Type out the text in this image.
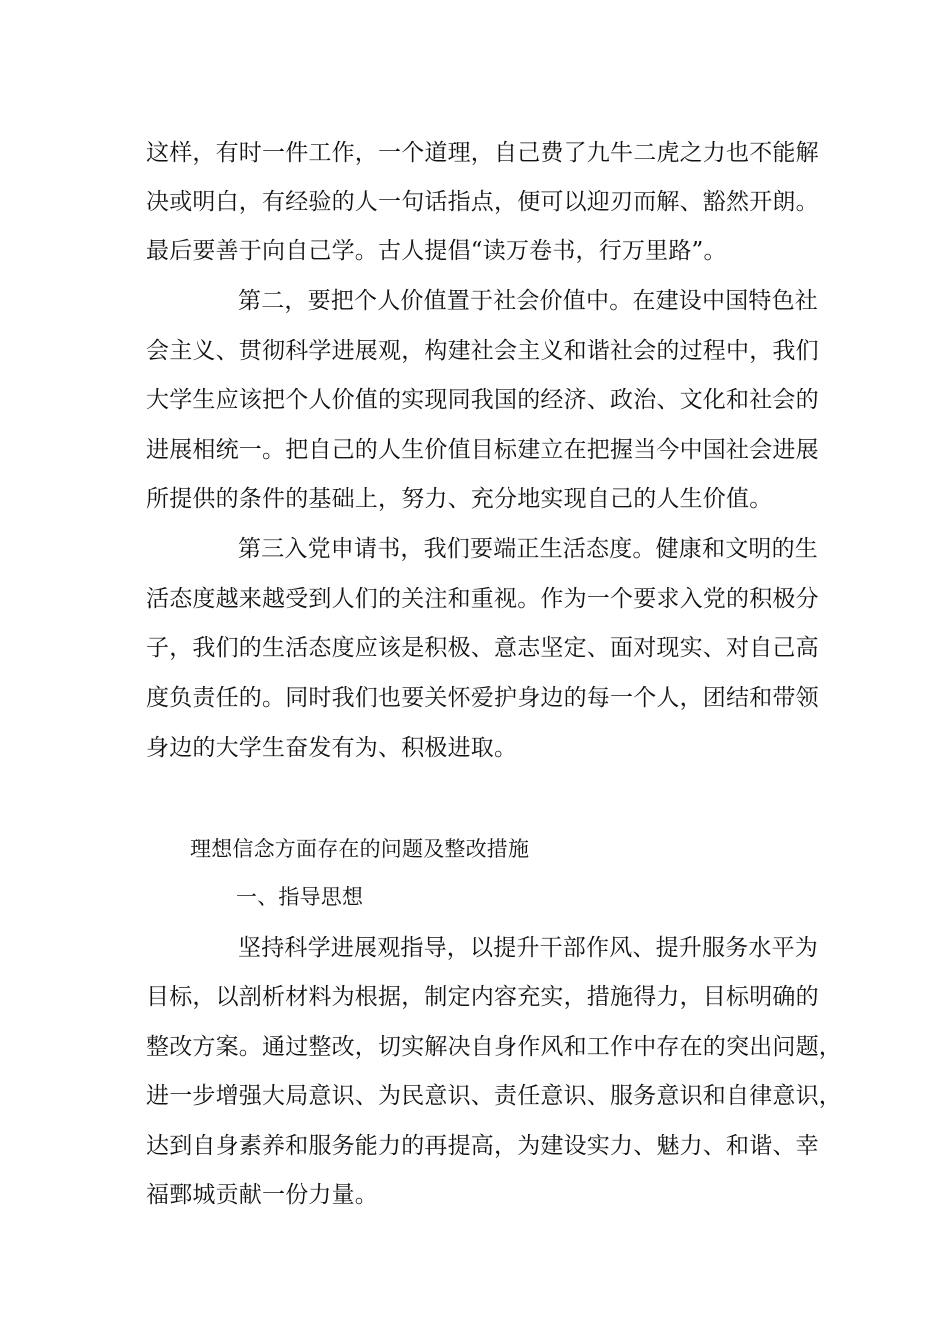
这样，有时一件工作，一个道理，自己费了九牛二虎之力也不能解
决或明白，有经验的人一句话指点，便可以迎刃而解、豁然开朗。
最后要善于向自己学。古人提倡“读万卷书，行万里路”。
第二，要把个人价值置于社会价值中。在建设中国特色社
会主义、贯彻科学进展观，构建社会主义和谐社会的过程中，我们
大学生应该把个人价值的实现同我国的经济、政治、文化和社会的
进展相统一。把自己的人生价值目标建立在把握当今中国社会进展
所提供的条件的基础上，努力、充分地实现自己的人生价值。
第三入党申请书，我们要端正生活态度。健康和文明的生
活态度越来越受到人们的关注和重视。作为一个要求入党的积极分
子，我们的生活态度应该是积极、意志坚定、面对现实、对自己高
度负责任的。同时我们也要关怀爱护身边的每一个人，团结和带领
身边的大学生奋发有为、积极进取。
理想信念方面存在的问题及整改措施
一、指导思想
坚持科学进展观指导，以提升干部作风、提升服务水平为
目标，以剖析材料为根据，制定内容充实，措施得力，目标明确的
整改方案。通过整改，切实解决自身作风和工作中存在的突出问题，
进一步增强大局意识、为民意识、责任意识、服务意识和自律意识，
达到自身素养和服务能力的再提高，为建设实力、魅力、和谐、幸
福鄄城贡献一份力量。
